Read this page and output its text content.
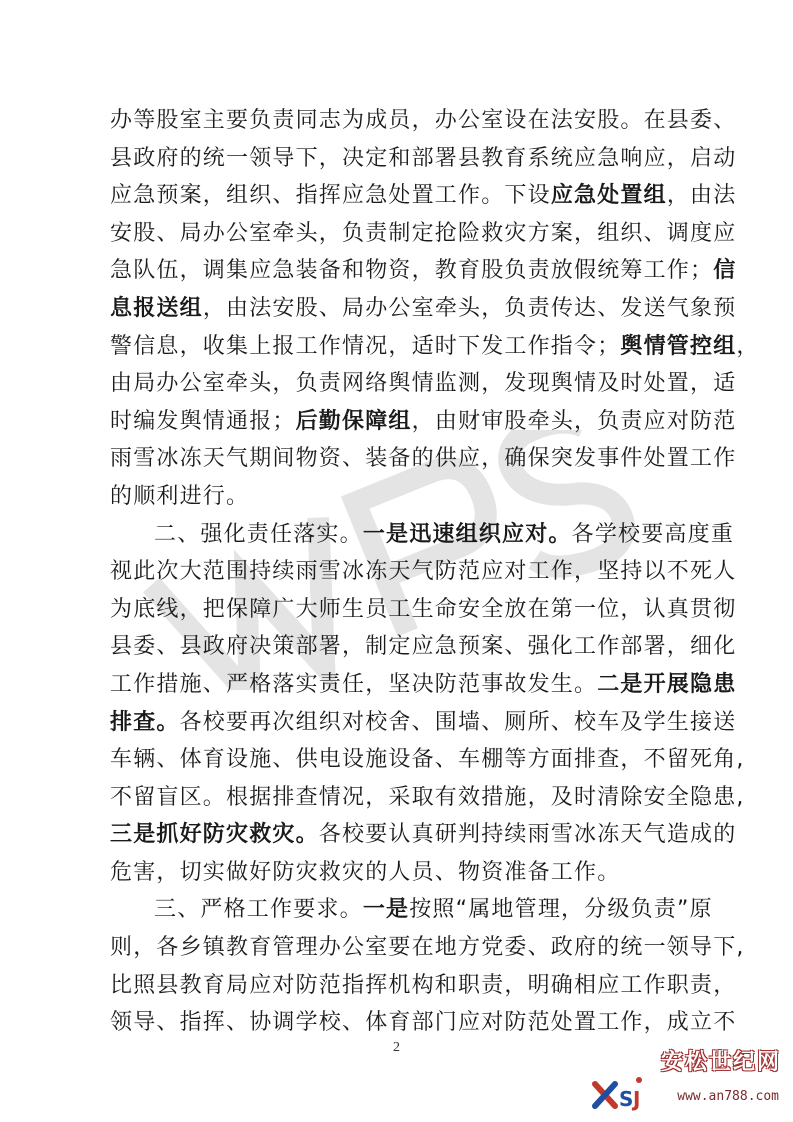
办等股室主要负责同志为成员，办公室设在法安股。在县委、
县政府的统一领导下，决定和部署县教育系统应急响应，启动
应急预案，组织、指挥应急处置工作。下设应急处置组，由法
安股、局办公室牵头，负责制定抢险救灾方案，组织、调度应
急队伍，调集应急装备和物资，教育股负责放假统筹工作；信
息报送组，由法安股、局办公室牵头，负责传达、发送气象预
警信息，收集上报工作情况，适时下发工作指令；舆情管控组，
由局办公室牵头，负责网络舆情监测，发现舆情及时处置，适
时编发舆情通报；后勤保障组，由财审股牵头，负责应对防范
雨雪冰冻天气期间物资、装备的供应，确保突发事件处置工作
的顺利进行。

二、强化责任落实。一是迅速组织应对。各学校要高度重
视此次大范围持续雨雪冰冻天气防范应对工作，坚持以不死人
为底线，把保障广大师生员工生命安全放在第一位，认真贯彻
县委、县政府决策部署，制定应急预案、强化工作部署，细化
工作措施、严格落实责任，坚决防范事故发生。二是开展隐患
排查。各校要再次组织对校舍、围墙、厕所、校车及学生接送
车辆、体育设施、供电设施设备、车棚等方面排查，不留死角,
不留盲区。根据排查情况，采取有效措施，及时清除安全隐患,
三是抓好防灾救灾。各校要认真研判持续雨雪冰冻天气造成的
危害，切实做好防灾救灾的人员、物资准备工作。

三、严格工作要求。一是按照“属地管理，分级负责”原
则，各乡镇教育管理办公室要在地方党委、政府的统一领导下,
比照县教育局应对防范指挥机构和职责，明确相应工作职责，
领导、指挥、协调学校、体育部门应对防范处置工作，成立不

2
S J
安松世纪网
www.an788.com
